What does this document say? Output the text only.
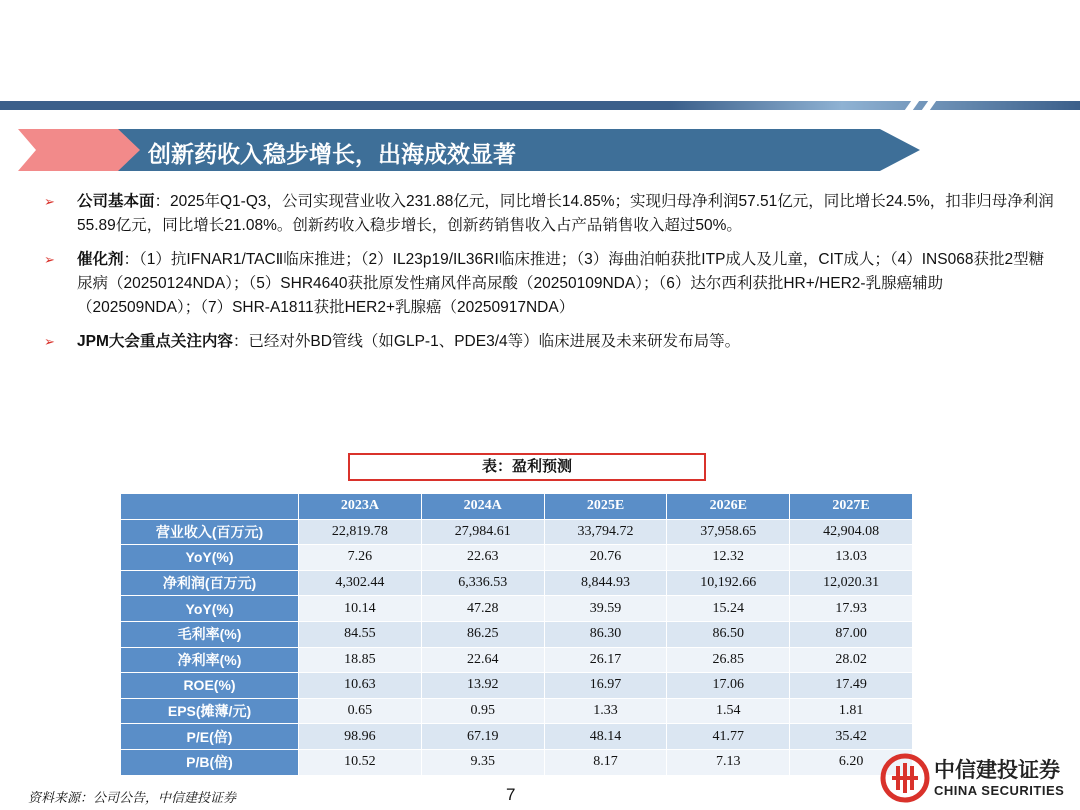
创新药收入稳步增长，出海成效显著
➢ 公司基本面：2025年Q1-Q3，公司实现营业收入231.88亿元，同比增长14.85%；实现归母净利润57.51亿元，同比增长24.5%，扣非归母净利润55.89亿元，同比增长21.08%。创新药收入稳步增长，创新药销售收入占产品销售收入超过50%。
➢ 催化剂：（1）抗IFNAR1/TACⅡ临床推进；（2）IL23p19/IL36RⅠ临床推进；（3）海曲泊帕获批ITP成人及儿童，CIT成人；（4）INS068获批2型糖尿病（20250124NDA）；（5）SHR4640获批原发性痛风伴高尿酸（20250109NDA）；（6）达尔西利获批HR+/HER2-乳腺癌辅助（202509NDA）；（7）SHR-A1811获批HER2+乳腺癌（20250917NDA）
➢ JPM大会重点关注内容：已经对外BD管线（如GLP-1、PDE3/4等）临床进展及未来研发布局等。
表：盈利预测
	2023A	2024A	2025E	2026E	2027E
营业收入(百万元)	22,819.78	27,984.61	33,794.72	37,958.65	42,904.08
YoY(%)	7.26	22.63	20.76	12.32	13.03
净利润(百万元)	4,302.44	6,336.53	8,844.93	10,192.66	12,020.31
YoY(%)	10.14	47.28	39.59	15.24	17.93
毛利率(%)	84.55	86.25	86.30	86.50	87.00
净利率(%)	18.85	22.64	26.17	26.85	28.02
ROE(%)	10.63	13.92	16.97	17.06	17.49
EPS(摊薄/元)	0.65	0.95	1.33	1.54	1.81
P/E(倍)	98.96	67.19	48.14	41.77	35.42
P/B(倍)	10.52	9.35	8.17	7.13	6.20
资料来源：公司公告，中信建投证券	7
中信建投证券
CHINA SECURITIES
